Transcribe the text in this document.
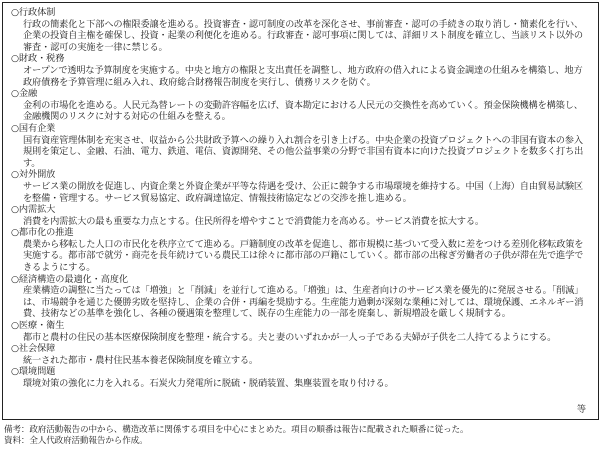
○行政体制
行政の簡素化と下部への権限委譲を進める。投資審査・認可制度の改革を深化させ、事前審査・認可の手続きの取り消し・簡素化を行い、企業の投資自主権を確保し、投資・起業の利便化を進める。行政審査・認可事項に関しては、詳細リスト制度を確立し、当該リスト以外の審査・認可の実施を一律に禁じる。
○財政・税務
オープンで透明な予算制度を実施する。中央と地方の権限と支出責任を調整し、地方政府の借入れによる資金調達の仕組みを構築し、地方政府債務を予算管理に組み入れ、政府総合財務報告制度を実行し、債務リスクを防ぐ。
○金融
金利の市場化を進める。人民元為替レートの変動許容幅を広げ、資本勘定における人民元の交換性を高めていく。預金保険機構を構築し、金融機関のリスクに対する対応の仕組みを整える。
○国有企業
国有資産管理体制を充実させ、収益から公共財政予算への繰り入れ割合を引き上げる。中央企業の投資プロジェクトへの非国有資本の参入規則を策定し、金融、石油、電力、鉄道、電信、資源開発、その他公益事業の分野で非国有資本に向けた投資プロジェクトを数多く打ち出す。
○対外開放
サービス業の開放を促進し、内資企業と外資企業が平等な待遇を受け、公正に競争する市場環境を維持する。中国（上海）自由貿易試験区を整備・管理する。サービス貿易協定、政府調達協定、情報技術協定などの交渉を推し進める。
○内需拡大
消費を内需拡大の最も重要な力点とする。住民所得を増やすことで消費能力を高める。サービス消費を拡大する。
○都市化の推進
農業から移転した人口の市民化を秩序立てて進める。戸籍制度の改革を促進し、都市規模に基づいて受入数に差をつける差別化移転政策を実施する。都市部で就労・商売を長年続けている農民工は徐々に都市部の戸籍にしていく。都市部の出稼ぎ労働者の子供が滞在先で進学できるようにする。
○経済構造の最適化・高度化
産業構造の調整に当たっては「増強」と「削減」を並行して進める。「増強」は、生産者向けのサービス業を優先的に発展させる。「削減」は、市場競争を通じた優勝劣敗を堅持し、企業の合併・再編を奨励する。生産能力過剰が深刻な業種に対しては、環境保護、エネルギー消費、技術などの基準を強化し、各種の優遇策を整理して、既存の生産能力の一部を廃棄し、新規増設を厳しく規制する。
○医療・衛生
都市と農村の住民の基本医療保険制度を整理・統合する。夫と妻のいずれかが一人っ子である夫婦が子供を二人持てるようにする。
○社会保障
統一された都市・農村住民基本養老保険制度を確立する。
○環境問題
環境対策の強化に力を入れる。石炭火力発電所に脱硫・脱硝装置、集塵装置を取り付ける。
等
備考：政府活動報告の中から、構造改革に関係する項目を中心にまとめた。項目の順番は報告に配載された順番に従った。
資料：全人代政府活動報告から作成。
